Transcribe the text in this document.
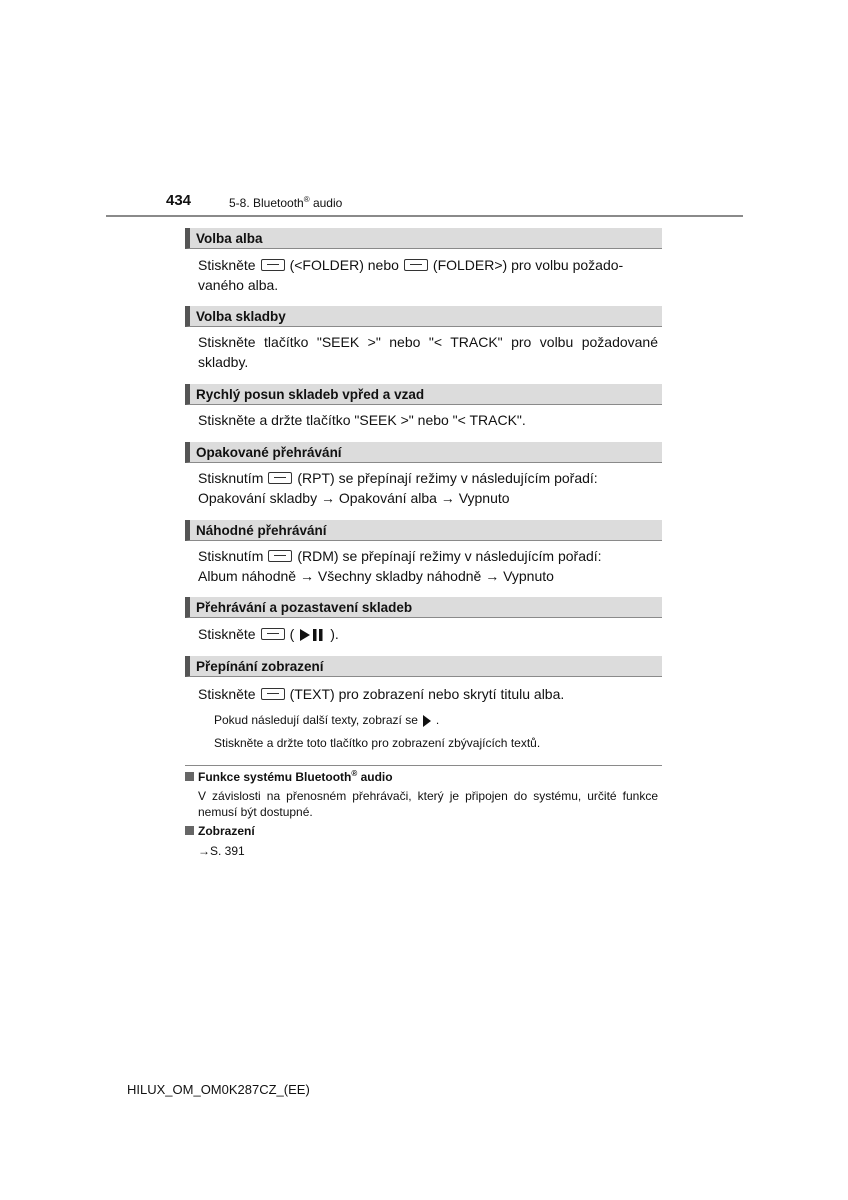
434	5-8. Bluetooth® audio
Volba alba
Stiskněte (<FOLDER) nebo (FOLDER>) pro volbu požado-
vaného alba.
Volba skladby
Stiskněte tlačítko "SEEK >" nebo "< TRACK" pro volbu požadované skladby.
Rychlý posun skladeb vpřed a vzad
Stiskněte a držte tlačítko "SEEK >" nebo "< TRACK".
Opakované přehrávání
Stisknutím (RPT) se přepínají režimy v následujícím pořadí:
Opakování skladby → Opakování alba → Vypnuto
Náhodné přehrávání
Stisknutím (RDM) se přepínají režimy v následujícím pořadí:
Album náhodně → Všechny skladby náhodně → Vypnuto
Přehrávání a pozastavení skladeb
Stiskněte (	).
Přepínání zobrazení
Stiskněte (TEXT) pro zobrazení nebo skrytí titulu alba.
Pokud následují další texty, zobrazí se .
Stiskněte a držte toto tlačítko pro zobrazení zbývajících textů.
Funkce systému Bluetooth® audio
V závislosti na přenosném přehrávači, který je připojen do systému, určité funkce nemusí být dostupné.
Zobrazení
→S. 391
HILUX_OM_OM0K287CZ_(EE)
